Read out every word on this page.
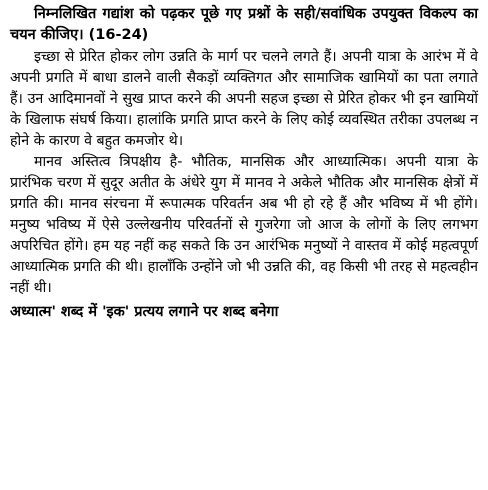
निम्नलिखित गद्यांश को पढ़कर पूछे गए प्रश्नों के सही/सवांधिक उपयुक्त विकल्प का चयन कीजिए। (16-24)

इच्छा से प्रेरित होकर लोग उन्नति के मार्ग पर चलने लगते हैं। अपनी यात्रा के आरंभ में वे अपनी प्रगति में बाधा डालने वाली सैकड़ों व्यक्तिगत और सामाजिक खामियों का पता लगाते हैं। उन आदिमानवों ने सुख प्राप्त करने की अपनी सहज इच्छा से प्रेरित होकर भी इन खामियों के खिलाफ संघर्ष किया। हालांकि प्रगति प्राप्त करने के लिए कोई व्यवस्थित तरीका उपलब्ध न होने के कारण वे बहुत कमजोर थे।

मानव अस्तित्व त्रिपक्षीय है- भौतिक, मानसिक और आध्यात्मिक। अपनी यात्रा के प्रारंभिक चरण में सुदूर अतीत के अंधेरे युग में मानव ने अकेले भौतिक और मानसिक क्षेत्रों में प्रगति की। मानव संरचना में रूपात्मक परिवर्तन अब भी हो रहे हैं और भविष्य में भी होंगे। मनुष्य भविष्य में ऐसे उल्लेखनीय परिवर्तनों से गुजरेगा जो आज के लोगों के लिए लगभग अपरिचित होंगे। हम यह नहीं कह सकते कि उन आरंभिक मनुष्यों ने वास्तव में कोई महत्वपूर्ण आध्यात्मिक प्रगति की थी। हालाँकि उन्होंने जो भी उन्नति की, वह किसी भी तरह से महत्वहीन नहीं थी।

अध्यात्म' शब्द में 'इक' प्रत्यय लगाने पर शब्द बनेगा
